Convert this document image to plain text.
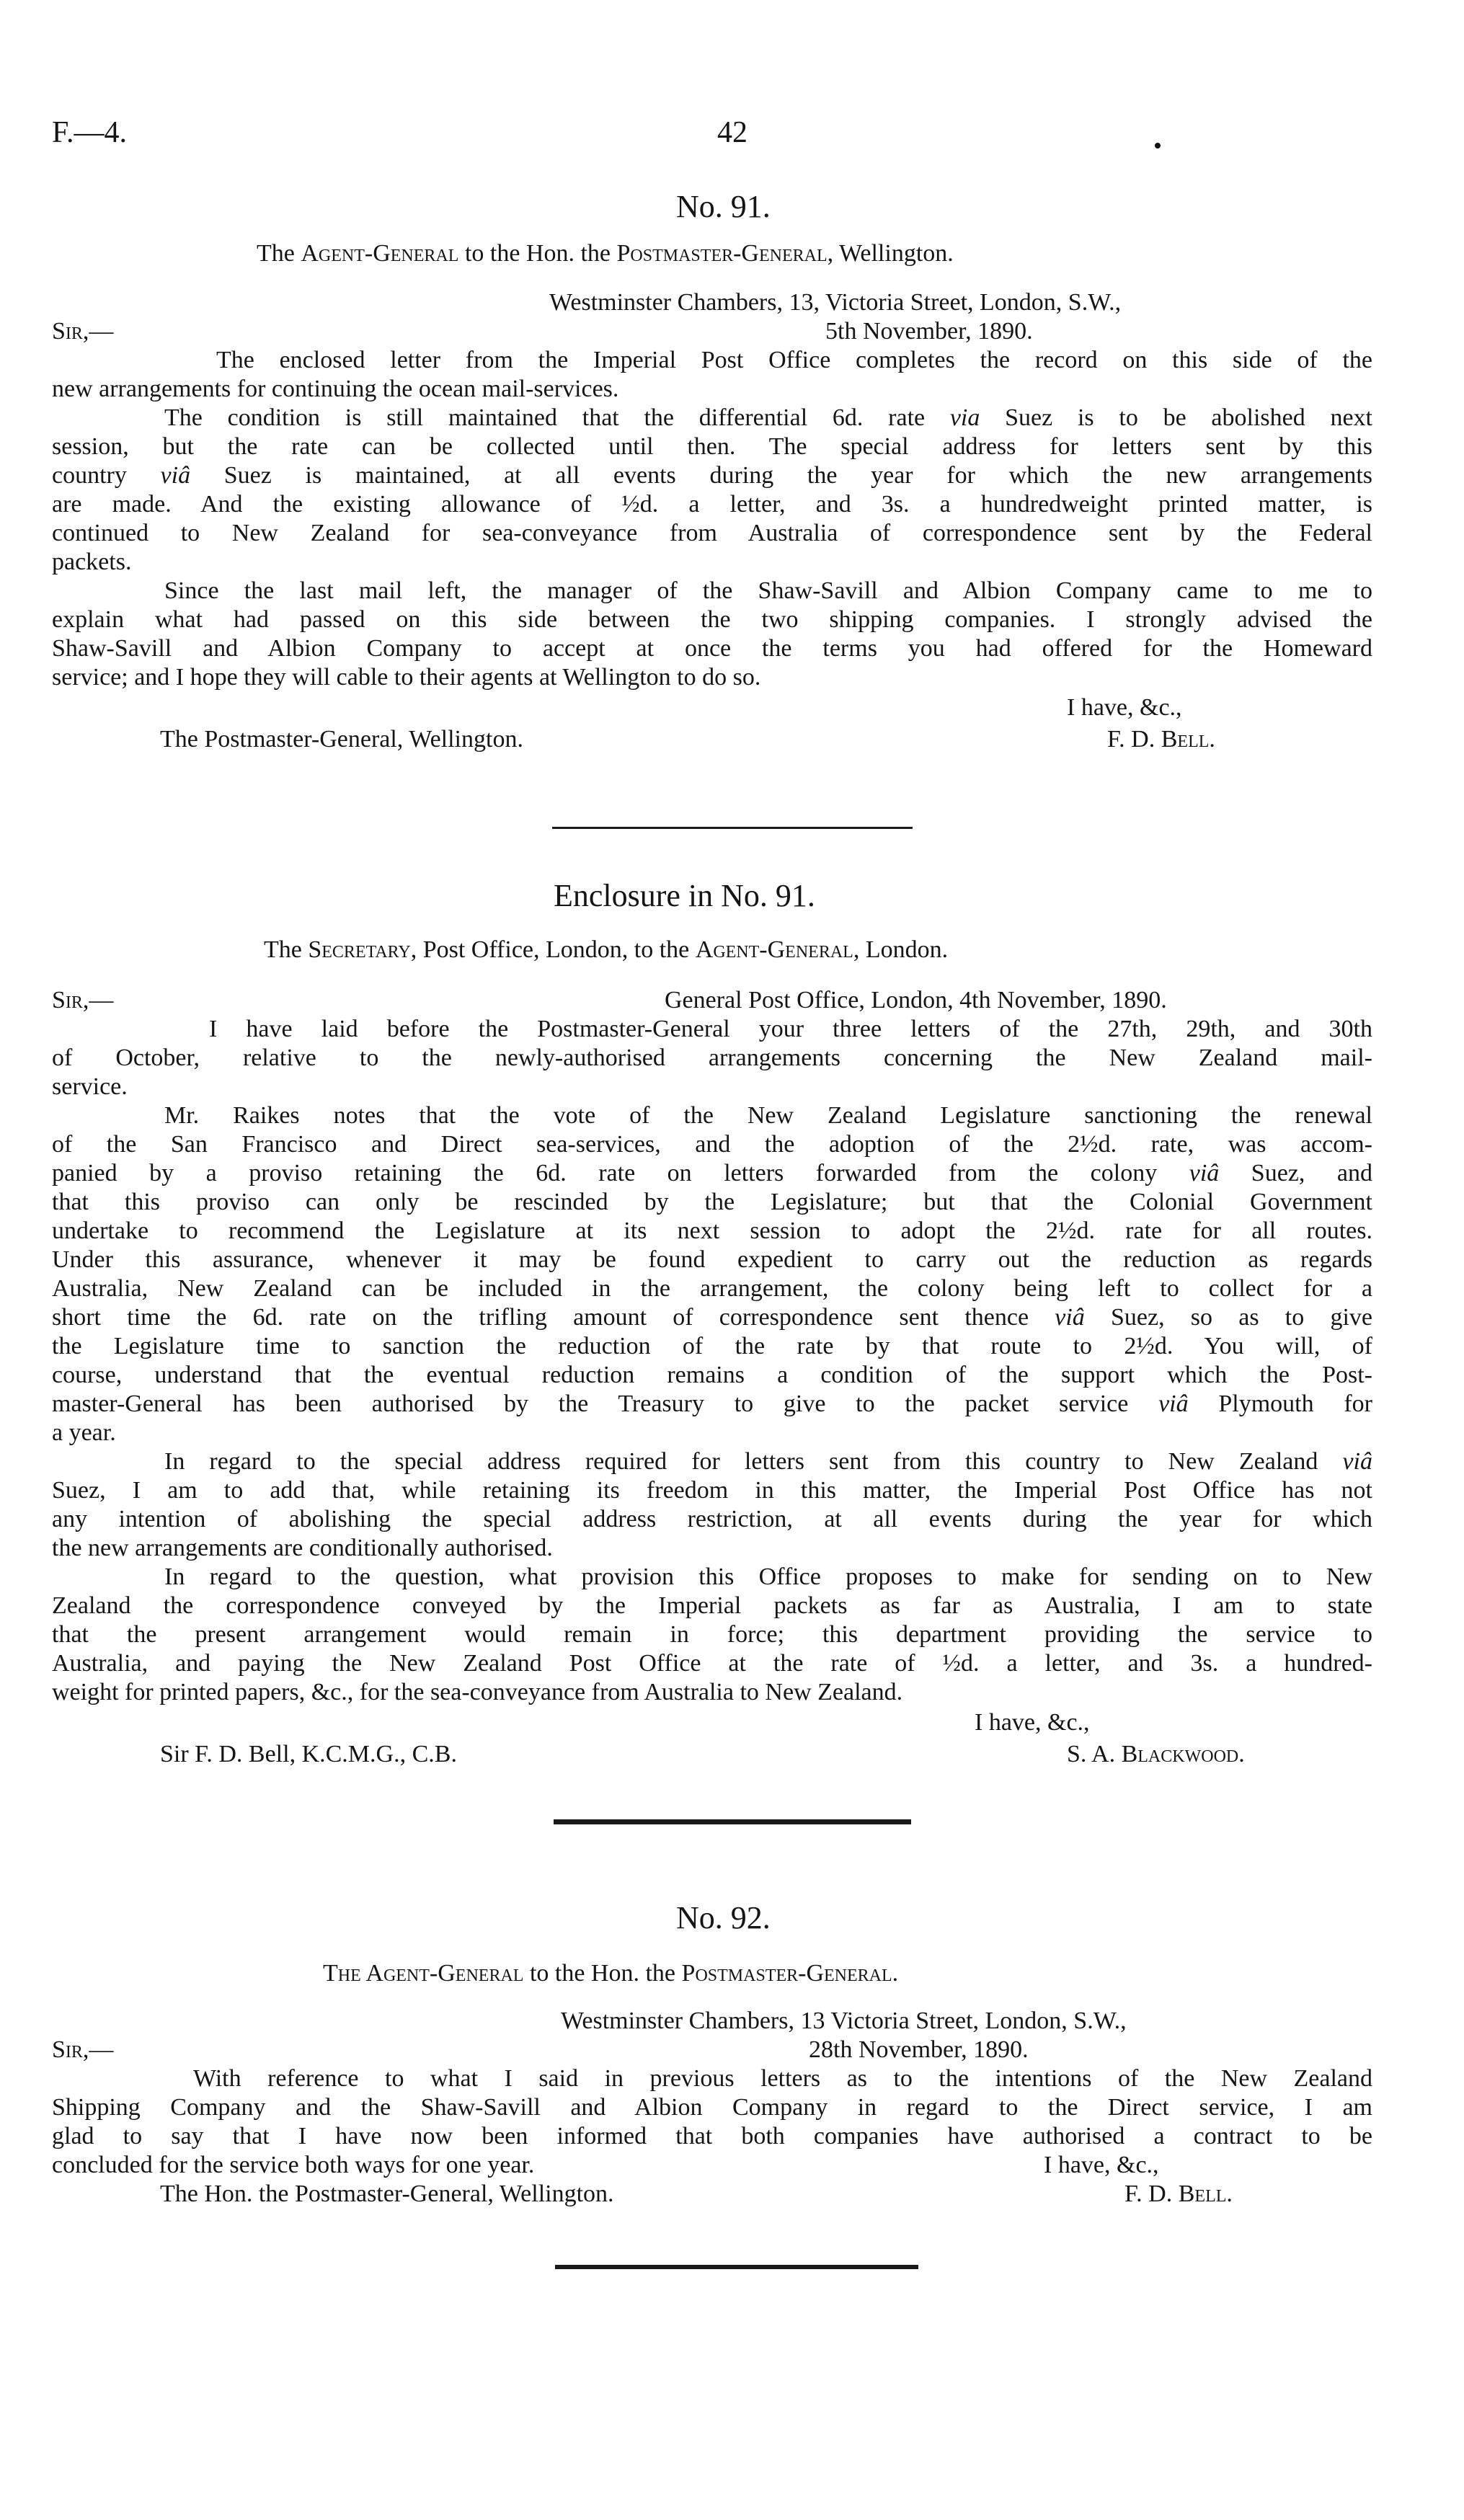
F.—4.	42
No. 91.
The Agent-General to the Hon. the Postmaster-General, Wellington.
Westminster Chambers, 13, Victoria Street, London, S.W.,
Sir,—	5th November, 1890.
The enclosed letter from the Imperial Post Office completes the record on this side of the
new arrangements for continuing the ocean mail-services.
The condition is still maintained that the differential 6d. rate via Suez is to be abolished next
session, but the rate can be collected until then. The special address for letters sent by this
country viâ Suez is maintained, at all events during the year for which the new arrangements
are made. And the existing allowance of ½d. a letter, and 3s. a hundredweight printed matter, is
continued to New Zealand for sea-conveyance from Australia of correspondence sent by the Federal
packets.
Since the last mail left, the manager of the Shaw-Savill and Albion Company came to me to
explain what had passed on this side between the two shipping companies. I strongly advised the
Shaw-Savill and Albion Company to accept at once the terms you had offered for the Homeward
service; and I hope they will cable to their agents at Wellington to do so.
I have, &c.,
The Postmaster-General, Wellington.	F. D. Bell.
Enclosure in No. 91.
The Secretary, Post Office, London, to the Agent-General, London.
Sir,—	General Post Office, London, 4th November, 1890.
I have laid before the Postmaster-General your three letters of the 27th, 29th, and 30th
of October, relative to the newly-authorised arrangements concerning the New Zealand mail-
service.
Mr. Raikes notes that the vote of the New Zealand Legislature sanctioning the renewal
of the San Francisco and Direct sea-services, and the adoption of the 2½d. rate, was accom-
panied by a proviso retaining the 6d. rate on letters forwarded from the colony viâ Suez, and
that this proviso can only be rescinded by the Legislature; but that the Colonial Government
undertake to recommend the Legislature at its next session to adopt the 2½d. rate for all routes.
Under this assurance, whenever it may be found expedient to carry out the reduction as regards
Australia, New Zealand can be included in the arrangement, the colony being left to collect for a
short time the 6d. rate on the trifling amount of correspondence sent thence viâ Suez, so as to give
the Legislature time to sanction the reduction of the rate by that route to 2½d. You will, of
course, understand that the eventual reduction remains a condition of the support which the Post-
master-General has been authorised by the Treasury to give to the packet service viâ Plymouth for
a year.
In regard to the special address required for letters sent from this country to New Zealand viâ
Suez, I am to add that, while retaining its freedom in this matter, the Imperial Post Office has not
any intention of abolishing the special address restriction, at all events during the year for which
the new arrangements are conditionally authorised.
In regard to the question, what provision this Office proposes to make for sending on to New
Zealand the correspondence conveyed by the Imperial packets as far as Australia, I am to state
that the present arrangement would remain in force; this department providing the service to
Australia, and paying the New Zealand Post Office at the rate of ½d. a letter, and 3s. a hundred-
weight for printed papers, &c., for the sea-conveyance from Australia to New Zealand.
I have, &c.,
Sir F. D. Bell, K.C.M.G., C.B.	S. A. Blackwood.
No. 92.
The Agent-General to the Hon. the Postmaster-General.
Westminster Chambers, 13 Victoria Street, London, S.W.,
Sir,—	28th November, 1890.
With reference to what I said in previous letters as to the intentions of the New Zealand
Shipping Company and the Shaw-Savill and Albion Company in regard to the Direct service, I am
glad to say that I have now been informed that both companies have authorised a contract to be
concluded for the service both ways for one year.	I have, &c.,
The Hon. the Postmaster-General, Wellington.	F. D. Bell.
